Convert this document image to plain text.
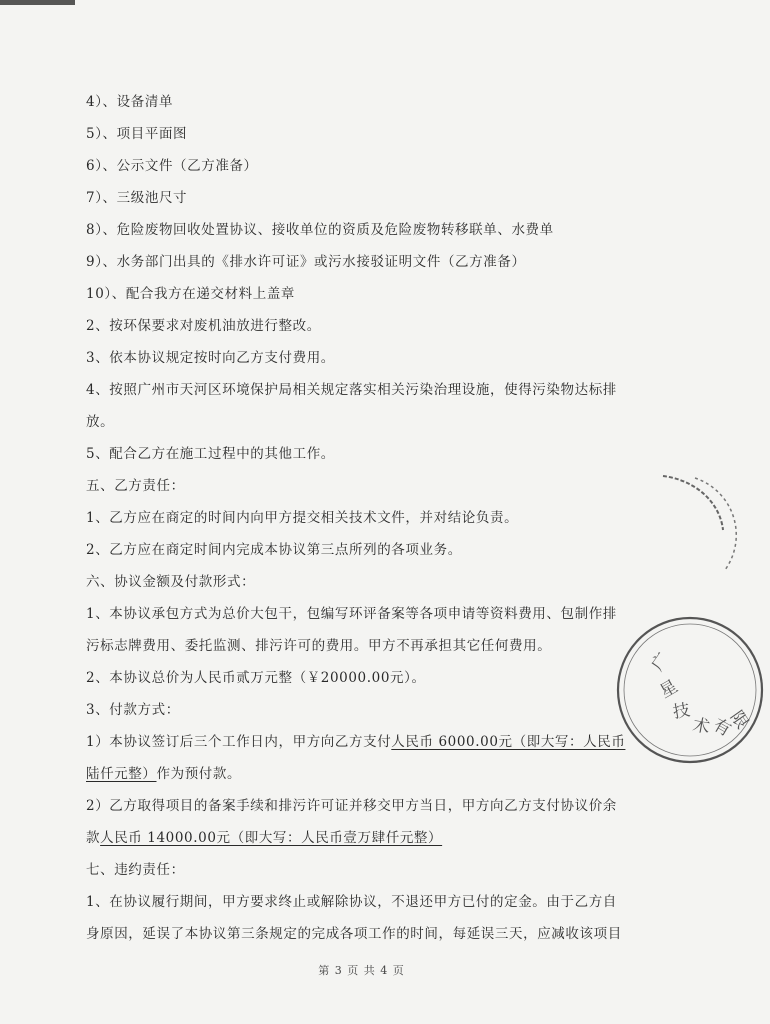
4）、设备清单
5）、项目平面图
6）、公示文件（乙方准备）
7）、三级池尺寸
8）、危险废物回收处置协议、接收单位的资质及危险废物转移联单、水费单
9）、水务部门出具的《排水许可证》或污水接驳证明文件（乙方准备）
10）、配合我方在递交材料上盖章
2、按环保要求对废机油放进行整改。
3、依本协议规定按时向乙方支付费用。
4、按照广州市天河区环境保护局相关规定落实相关污染治理设施，使得污染物达标排
放。
5、配合乙方在施工过程中的其他工作。
五、乙方责任：
1、乙方应在商定的时间内向甲方提交相关技术文件，并对结论负责。
2、乙方应在商定时间内完成本协议第三点所列的各项业务。
六、协议金额及付款形式：
1、本协议承包方式为总价大包干，包编写环评备案等各项申请等资料费用、包制作排
污标志牌费用、委托监测、排污许可的费用。甲方不再承担其它任何费用。
2、本协议总价为人民币贰万元整（￥20000.00元）。
3、付款方式：
1）本协议签订后三个工作日内，甲方向乙方支付人民币 6000.00元（即大写：人民币
陆仟元整）作为预付款。
2）乙方取得项目的备案手续和排污许可证并移交甲方当日，甲方向乙方支付协议价余
款人民币 14000.00元（即大写：人民币壹万肆仟元整）
七、违约责任：
1、在协议履行期间，甲方要求终止或解除协议，不退还甲方已付的定金。由于乙方自
身原因，延误了本协议第三条规定的完成各项工作的时间，每延误三天，应减收该项目
第 3 页 共 4 页
广
星
技
术
有
限
